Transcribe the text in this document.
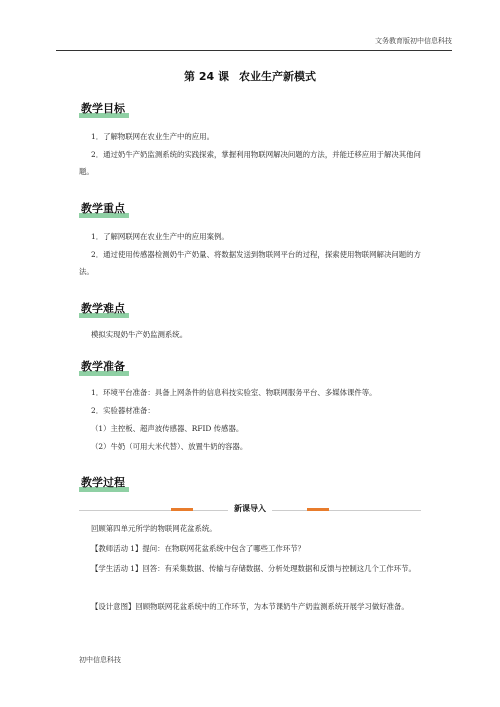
文务教育版初中信息科技
第 24 课 农业生产新模式
教学目标
1．了解物联网在农业生产中的应用。
2．通过奶牛产奶监测系统的实践探索，掌握利用物联网解决问题的方法，并能迁移应用于解决其他问题。
教学重点
1．了解网联网在农业生产中的应用案例。
2．通过使用传感器检测奶牛产奶量、将数据发送到物联网平台的过程，探索使用物联网解决问题的方法。
教学难点
模拟实现奶牛产奶监测系统。
教学准备
1．环境平台准备：具备上网条件的信息科技实验室、物联网服务平台、多媒体课件等。
2．实验器材准备：
（1）主控板、超声波传感器、RFID 传感器。
（2）牛奶（可用大米代替）、放置牛奶的容器。
教学过程
新课导入
回顾第四单元所学的物联网花盆系统。
【教师活动 1】提问：在物联网花盆系统中包含了哪些工作环节？
【学生活动 1】回答：有采集数据、传输与存储数据、分析处理数据和反馈与控制这几个工作环节。
【设计意图】回顾物联网花盆系统中的工作环节，为本节课奶牛产奶监测系统开展学习做好准备。
初中信息科技
